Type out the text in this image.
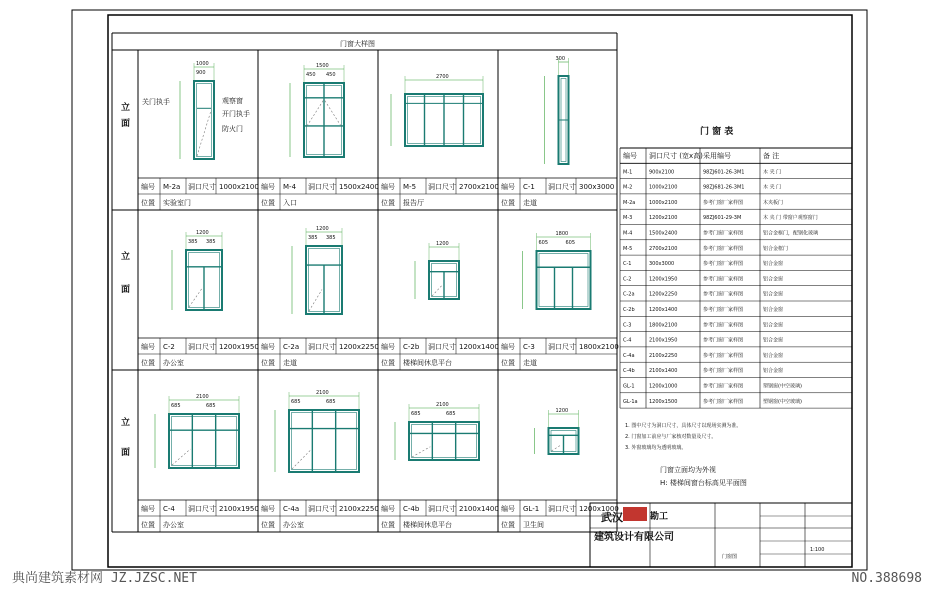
门窗大样图
立
面
立
面
立
面
1000
900
编号 M-2a 洞口尺寸 1000x2100
位置 实验室门
1500
450 450
编号 M-4 洞口尺寸 1500x2400
位置 入口
2700
编号 M-5 洞口尺寸 2700x2100
位置 报告厅
300
编号 C-1 洞口尺寸 300x3000
位置 走道
1200
385 385
编号 C-2 洞口尺寸 1200x1950
位置 办公室
1200
385 385
编号 C-2a 洞口尺寸 1200x2250
位置 走道
1200
编号 C-2b 洞口尺寸 1200x1400
位置 楼梯间休息平台
1800
605	605
编号 C-3 洞口尺寸 1800x2100
位置 走道
2100
685	685
编号 C-4 洞口尺寸 2100x1950
位置 办公室
2100
685	685
编号 C-4a 洞口尺寸 2100x2250
位置 办公室
2100
685	685
编号 C-4b 洞口尺寸 2100x1400
位置 楼梯间休息平台
1200
编号 GL-1 洞口尺寸 1200x1000
位置 卫生间
关门执手	观察窗
开门执手
防火门	门 窗 表
编号 洞口尺寸 (宽x高) 采用编号	备 注
M-1	900x2100	98ZJ601-26-3M1	木 夹 门
M-2	1000x2100	98ZJ681-26-3M1	木 夹 门
M-2a	1000x2100	参考门窗厂家样图	木夹板门
M-3	1200x2100	98ZJ601-29-3M	木 夹 门 带窗户观察窗门
M-4	1500x2400	参考门窗厂家样图	铝合金框门，配钢化玻璃
M-5	2700x2100	参考门窗厂家样图	铝合金框门
C-1	300x3000	参考门窗厂家样图	铝合金窗
C-2	1200x1950	参考门窗厂家样图	铝合金窗
C-2a	1200x2250	参考门窗厂家样图	铝合金窗
C-2b	1200x1400	参考门窗厂家样图	铝合金窗
C-3	1800x2100	参考门窗厂家样图	铝合金窗
C-4	2100x1950	参考门窗厂家样图	铝合金窗
C-4a	2100x2250	参考门窗厂家样图	铝合金窗
C-4b	2100x1400	参考门窗厂家样图	铝合金窗
GL-1	1200x1000	参考门窗厂家样图	塑钢窗(中空玻璃)
GL-1a 1200x1500	参考门窗厂家样图	塑钢窗(中空玻璃)
1. 图中尺寸为洞口尺寸，具体尺寸以现场实测为准。
2. 门窗加工前应与厂家核对数量及尺寸。
3. 外窗玻璃均为透明玻璃。
门窗立面均为外视
H: 楼梯间窗台标高见平面图
武汉	勘工
建筑设计有限公司
门窗图
1:100
典尚建筑素材网 JZ.JZSC.NET	NO.388698
